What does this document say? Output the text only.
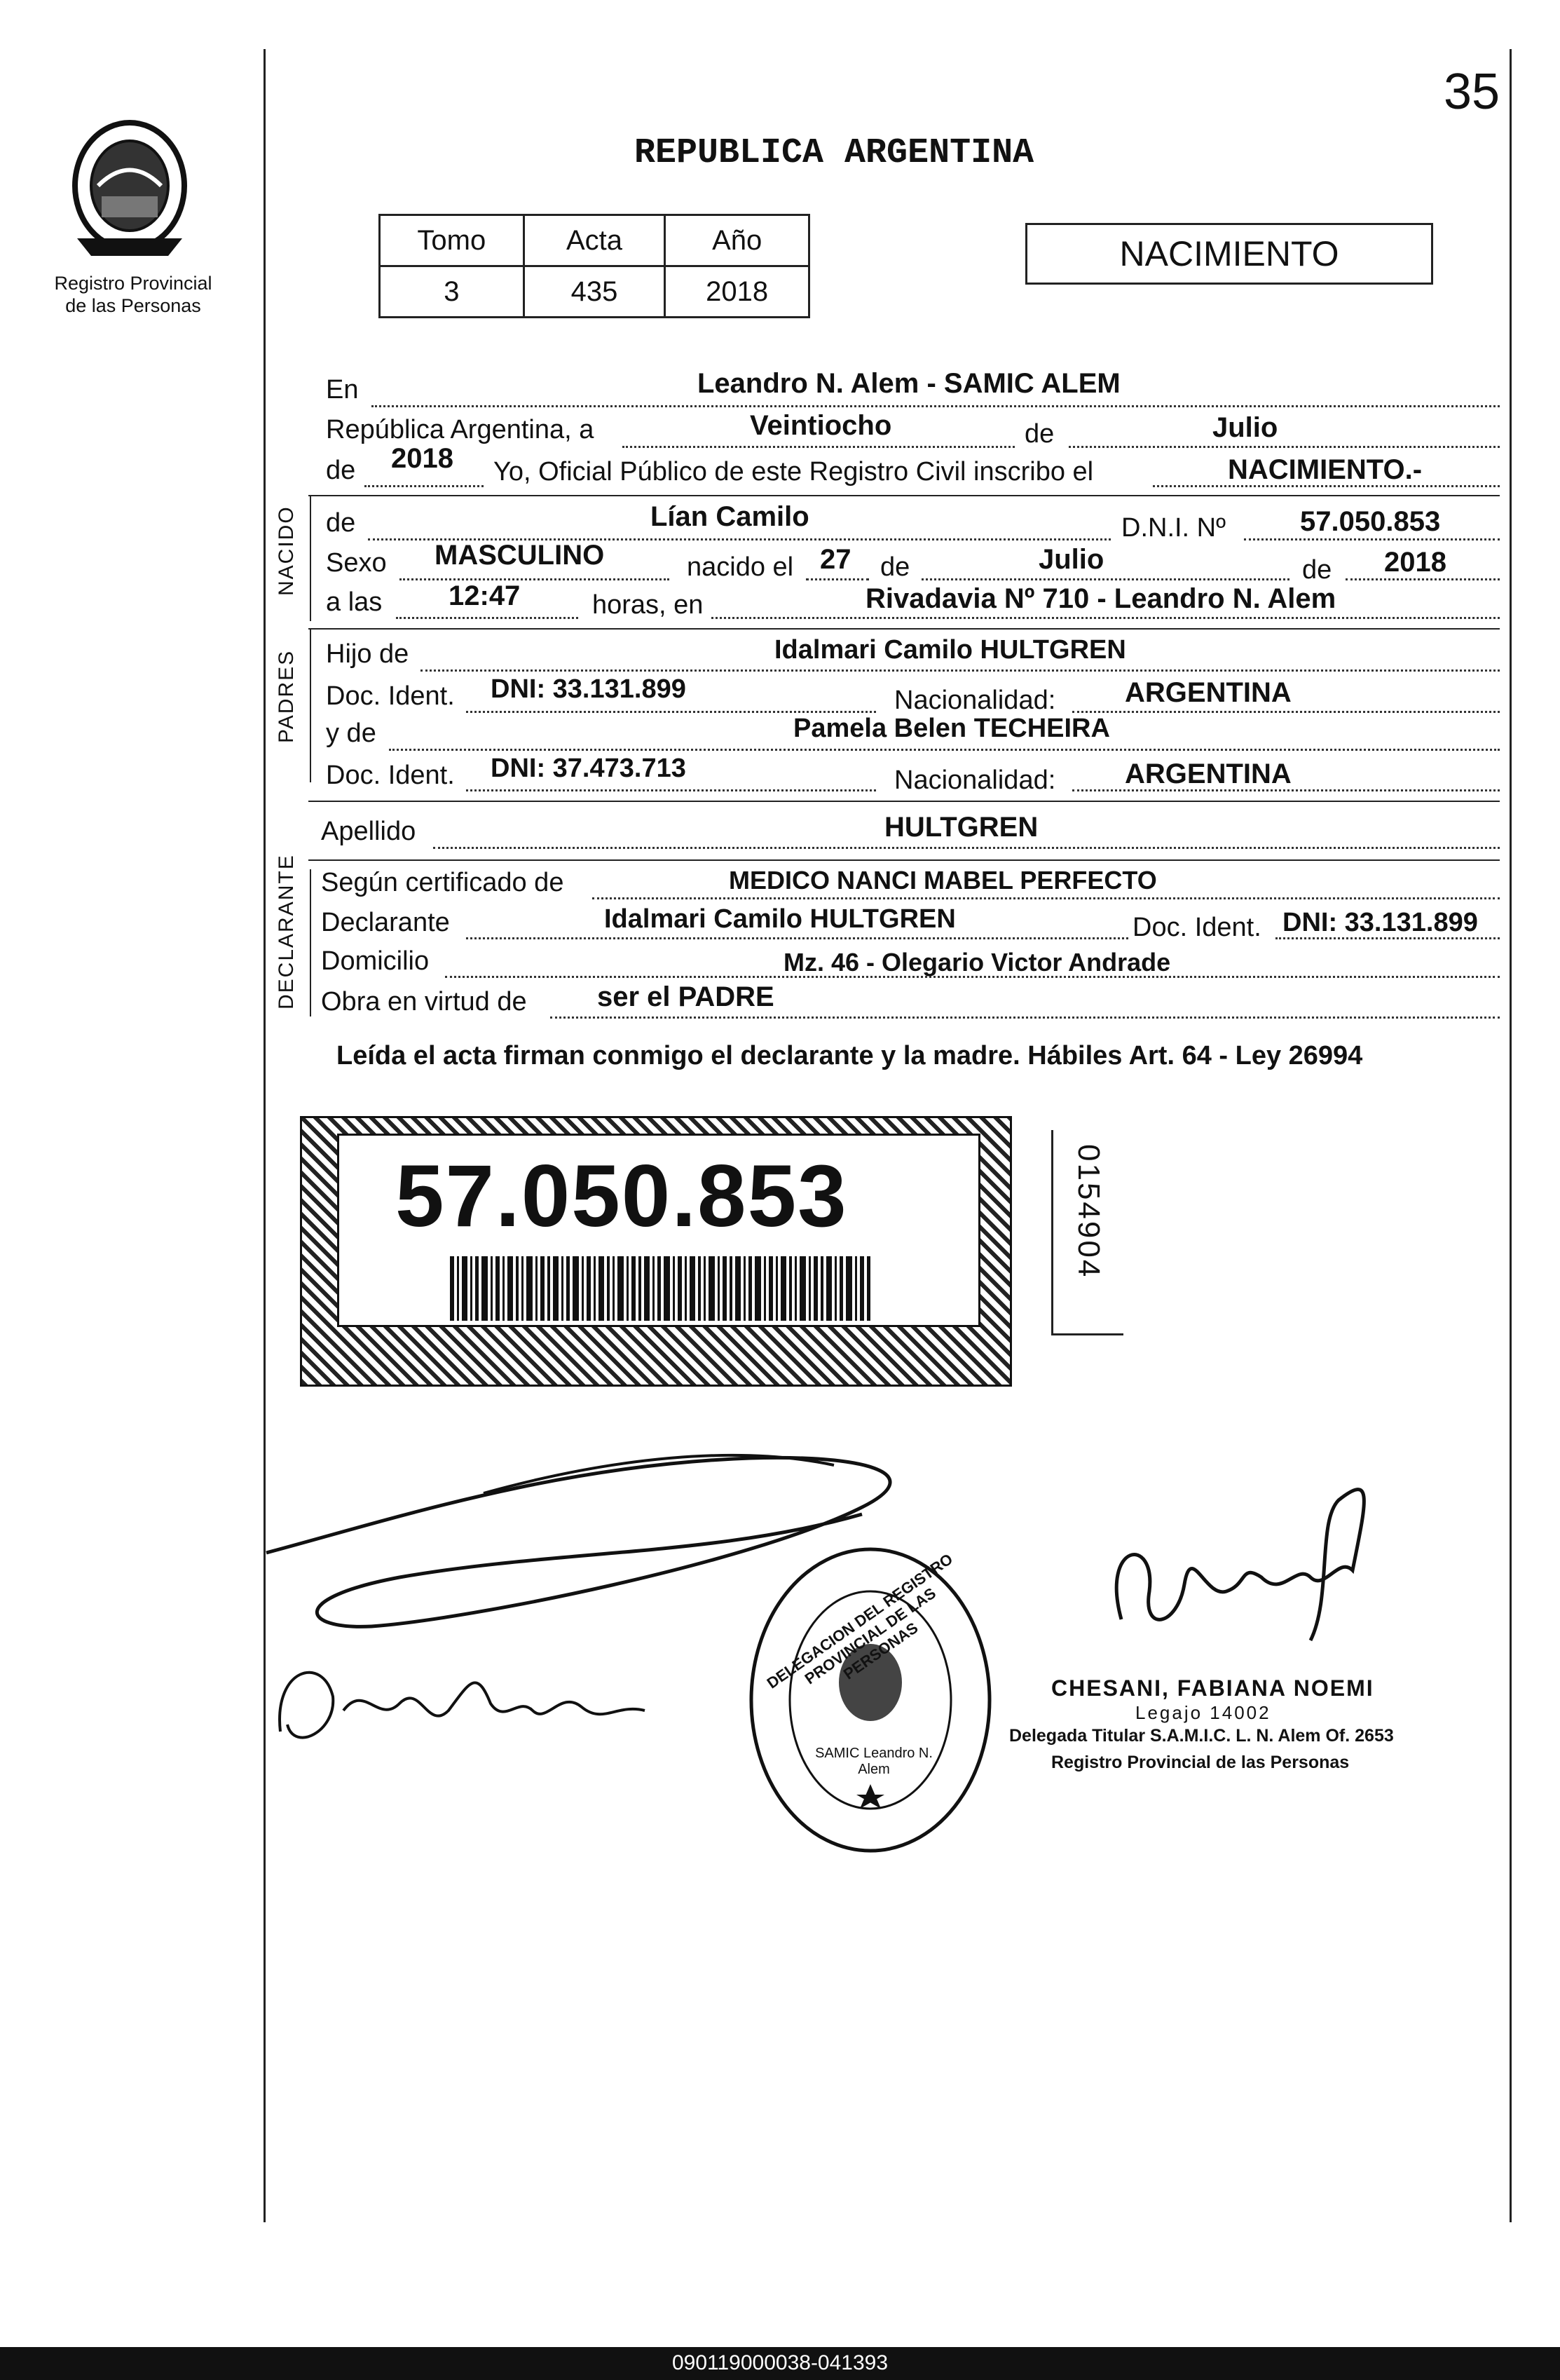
35
Registro Provincial de las Personas
REPUBLICA ARGENTINA
Tomo	Acta	Año
3	435	2018
NACIMIENTO
En	Leandro N. Alem - SAMIC ALEM
República Argentina, a	Veintiocho	de	Julio
de 2018 Yo, Oficial Público de este Registro Civil inscribo el	NACIMIENTO.-
NACIDO de	Lían Camilo	D.N.I. Nº	57.050.853
Sexo MASCULINO	nacido el 27 de	Julio	de 2018
a las 12:47	horas, en	Rivadavia Nº 710 - Leandro N. Alem
PADRES Hijo de	Idalmari Camilo HULTGREN
Doc. Ident. DNI: 33.131.899	Nacionalidad: ARGENTINA
y de	Pamela Belen TECHEIRA
Doc. Ident. DNI: 37.473.713	Nacionalidad: ARGENTINA
Apellido	HULTGREN
DECLARANTE Según certificado de	MEDICO NANCI MABEL PERFECTO
Declarante	Idalmari Camilo HULTGREN	Doc. Ident. DNI: 33.131.899
Domicilio	Mz. 46 - Olegario Victor Andrade
Obra en virtud de	ser el PADRE
Leída el acta firman conmigo el declarante y la madre. Hábiles Art. 64 - Ley 26994
57.050.853	0154904
DELEGACION DEL REGISTRO PROVINCIAL DE LAS PERSONAS
SAMIC Leandro N. Alem
CHESANI, FABIANA NOEMI
Legajo 14002
Delegada Titular S.A.M.I.C. L. N. Alem Of. 2653
Registro Provincial de las Personas
090119000038-041393
